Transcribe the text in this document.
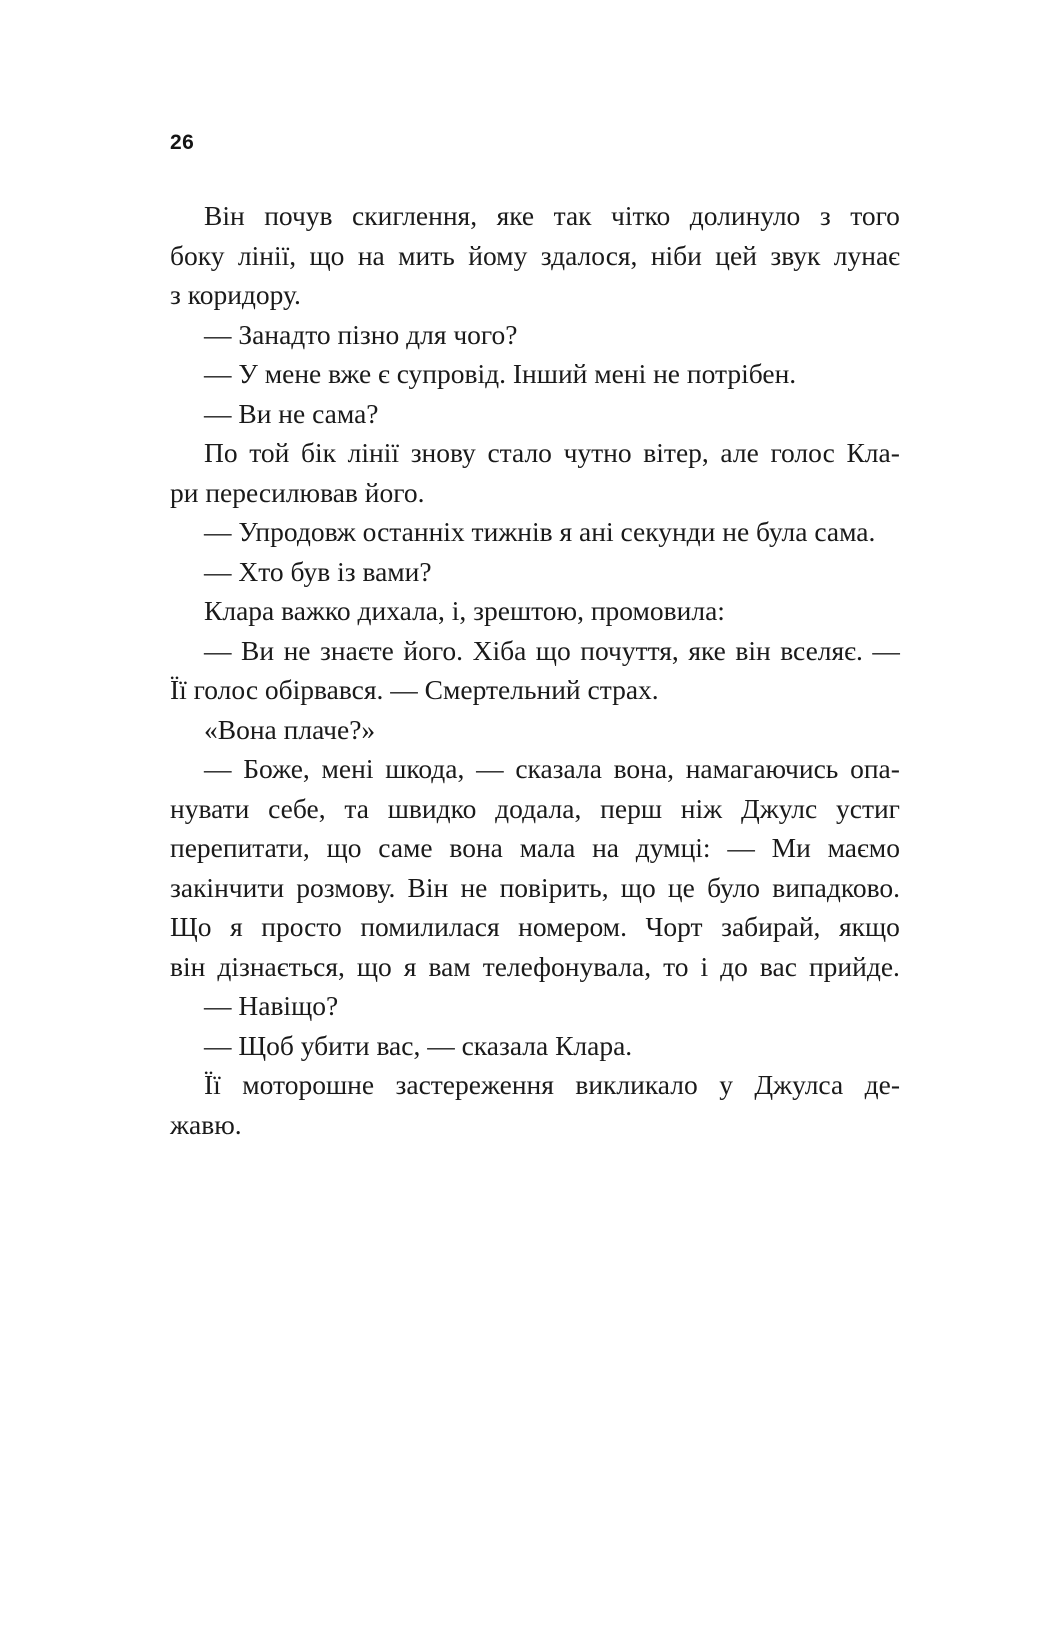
26
Він почув скиглення, яке так чітко долинуло з того
боку лінії, що на мить йому здалося, ніби цей звук лунає
з коридору.
— Занадто пізно для чого?
— У мене вже є супровід. Інший мені не потрібен.
— Ви не сама?
По той бік лінії знову стало чутно вітер, але голос Кла-
ри пересилював його.
— Упродовж останніх тижнів я ані секунди не була сама.
— Хто був із вами?
Клара важко дихала, і, зрештою, промовила:
— Ви не знаєте його. Хіба що почуття, яке він вселяє. —
Її голос обірвався. — Смертельний страх.
«Вона плаче?»
— Боже, мені шкода, — сказала вона, намагаючись опа-
нувати себе, та швидко додала, перш ніж Джулс устиг
перепитати, що саме вона мала на думці: — Ми маємо
закінчити розмову. Він не повірить, що це було випадково.
Що я просто помилилася номером. Чорт забирай, якщо
він дізнається, що я вам телефонувала, то і до вас прийде.
— Навіщо?
— Щоб убити вас, — сказала Клара.
Її моторошне застереження викликало у Джулса де-
жавю.
